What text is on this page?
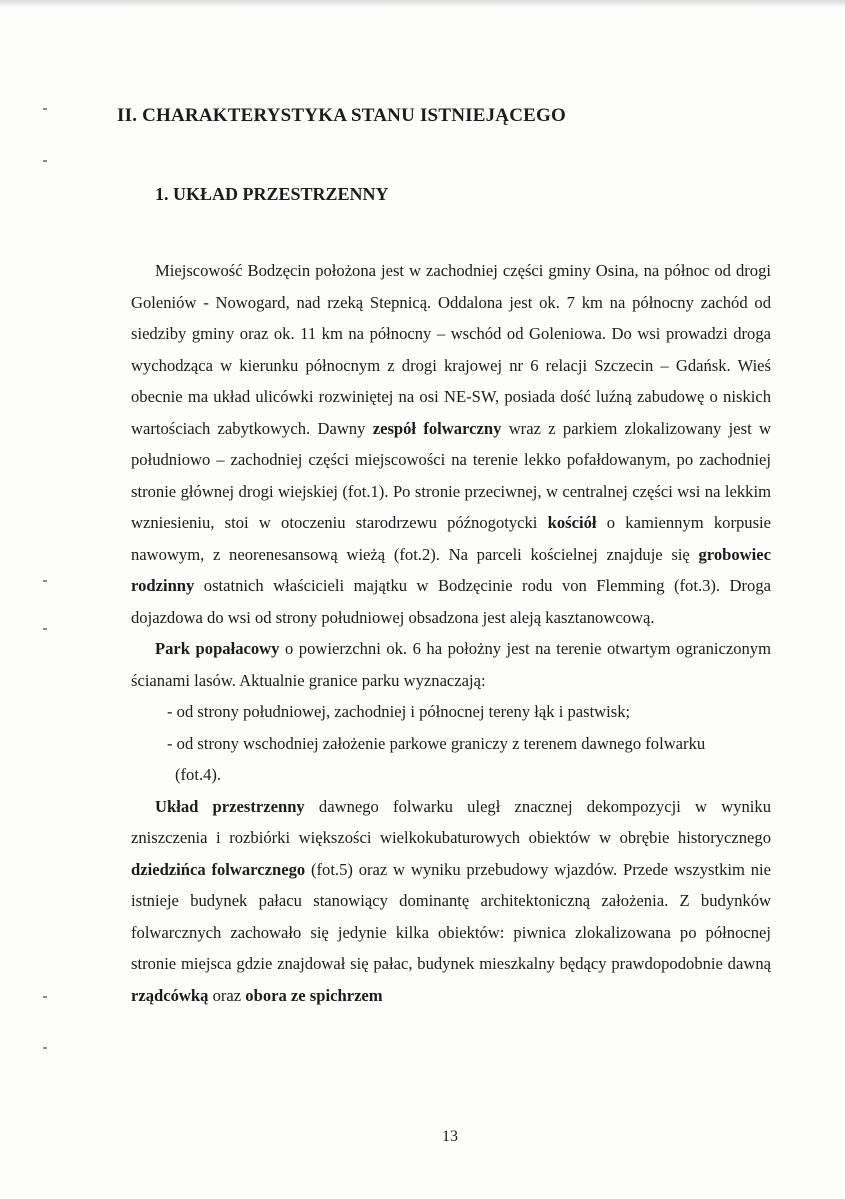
II. CHARAKTERYSTYKA STANU ISTNIEJĄCEGO
1. UKŁAD PRZESTRZENNY

Miejscowość Bodzęcin położona jest w zachodniej części gminy Osina, na północ od drogi Goleniów - Nowogard, nad rzeką Stepnicą. Oddalona jest ok. 7 km na północny zachód od siedziby gminy oraz ok. 11 km na północny – wschód od Goleniowa. Do wsi prowadzi droga wychodząca w kierunku północnym z drogi krajowej nr 6 relacji Szczecin – Gdańsk. Wieś obecnie ma układ ulicówki rozwiniętej na osi NE-SW, posiada dość luźną zabudowę o niskich wartościach zabytkowych. Dawny zespół folwarczny wraz z parkiem zlokalizowany jest w południowo – zachodniej części miejscowości na terenie lekko pofałdowanym, po zachodniej stronie głównej drogi wiejskiej (fot.1). Po stronie przeciwnej, w centralnej części wsi na lekkim wzniesieniu, stoi w otoczeniu starodrzewu późnogotycki kościół o kamiennym korpusie nawowym, z neorenesansową wieżą (fot.2). Na parceli kościelnej znajduje się grobowiec rodzinny ostatnich właścicieli majątku w Bodzęcinie rodu von Flemming (fot.3). Droga dojazdowa do wsi od strony południowej obsadzona jest aleją kasztanowcową.

Park popałacowy o powierzchni ok. 6 ha położny jest na terenie otwartym ograniczonym ścianami lasów. Aktualnie granice parku wyznaczają:

- od strony południowej, zachodniej i północnej tereny łąk i pastwisk;

- od strony wschodniej założenie parkowe graniczy z terenem dawnego folwarku
(fot.4).

Układ przestrzenny dawnego folwarku uległ znacznej dekompozycji w wyniku zniszczenia i rozbiórki większości wielkokubaturowych obiektów w obrębie historycznego dziedzińca folwarcznego (fot.5) oraz w wyniku przebudowy wjazdów. Przede wszystkim nie istnieje budynek pałacu stanowiący dominantę architektoniczną założenia. Z budynków folwarcznych zachowało się jedynie kilka obiektów: piwnica zlokalizowana po północnej stronie miejsca gdzie znajdował się pałac, budynek mieszkalny będący prawdopodobnie dawną rządcówką oraz obora ze spichrzem

13
